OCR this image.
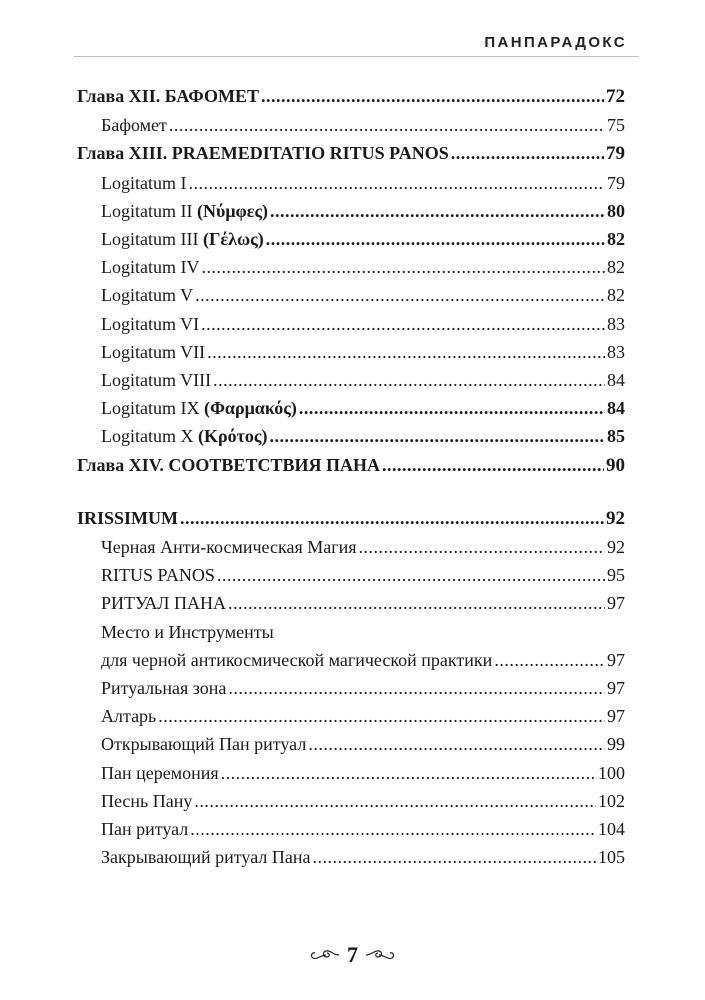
ПАНПАРАДОКС
Глава XII. БАФОМЕТ .....	72
Бафомет .....	75
Глава XIII. PRAEMEDITATIO RITUS PANOS .....	79
Logitatum I .....	79
Logitatum II (Νύμφες) .....	80
Logitatum III (Γέλως) .....	82
Logitatum IV .....	82
Logitatum V .....	82
Logitatum VI .....	83
Logitatum VII .....	83
Logitatum VIII .....	84
Logitatum IX (Φαρμακός) .....	84
Logitatum X (Κρότος) .....	85
Глава XIV. СООТВЕТСТВИЯ ПАНА .....	90
IRISSIMUM .....	92
Черная Анти-космическая Магия .....	92
RITUS PANOS .....	95
РИТУАЛ ПАНА .....	97
Место и Инструменты
для черной антикосмической магической практики .....	97
Ритуальная зона .....	97
Алтарь .....	97
Открывающий Пан ритуал .....	99
Пан церемония .....	100
Песнь Пану .....	102
Пан ритуал .....	104
Закрывающий ритуал Пана .....	105
7
